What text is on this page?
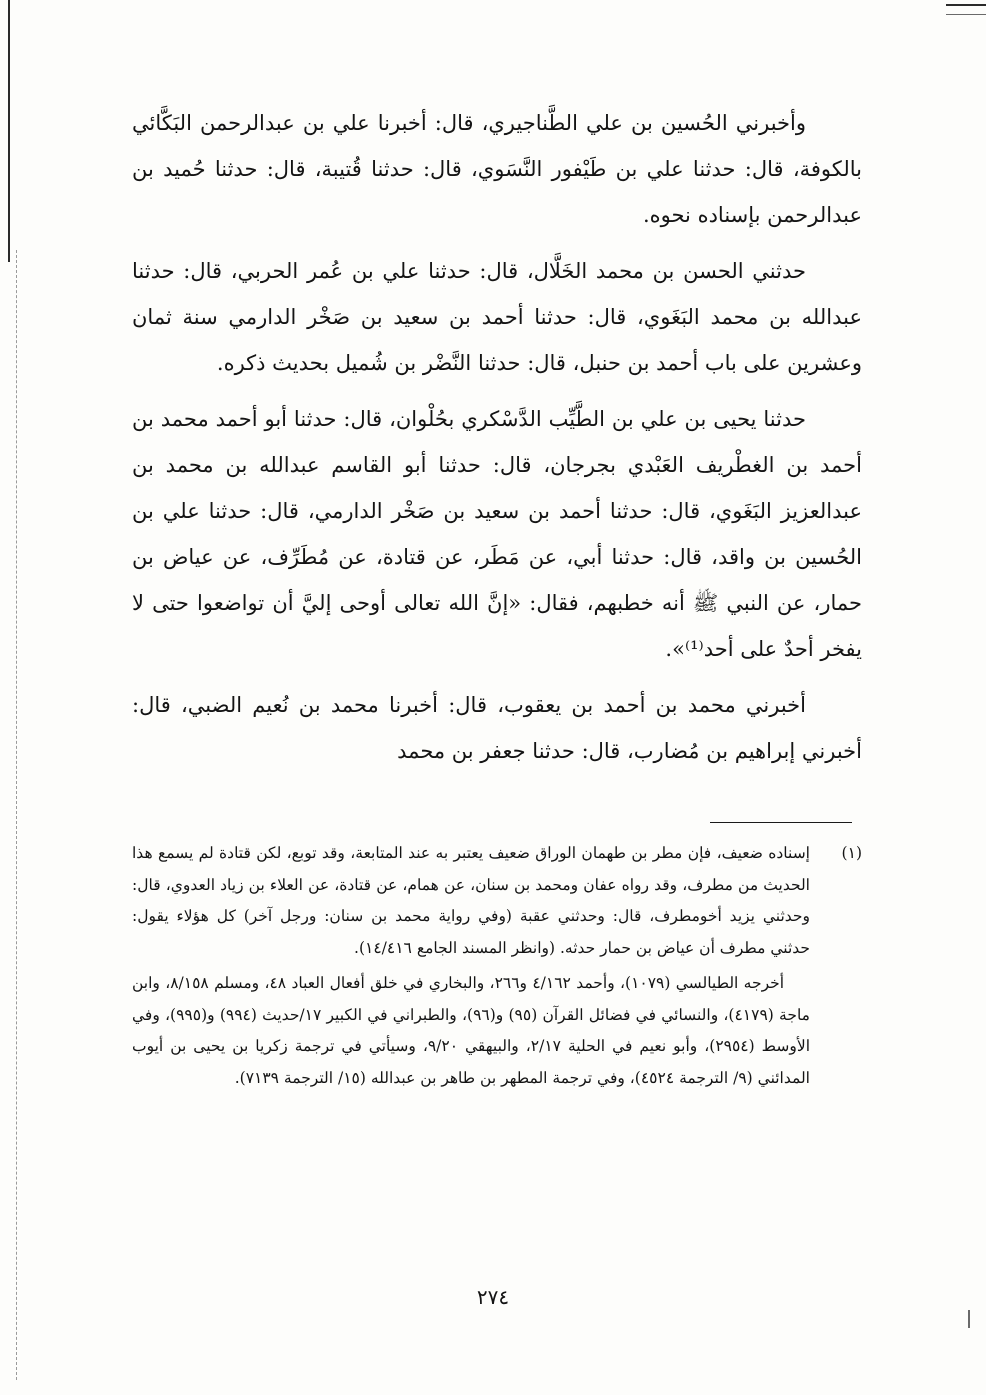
وأخبرني الحُسين بن علي الطَّناجيري، قال: أخبرنا علي بن عبدالرحمن البَكَّائي بالكوفة، قال: حدثنا علي بن طَيْفور النَّسَوي، قال: حدثنا قُتيبة، قال: حدثنا حُميد بن عبدالرحمن بإسناده نحوه.

حدثني الحسن بن محمد الخَلَّال، قال: حدثنا علي بن عُمر الحربي، قال: حدثنا عبدالله بن محمد البَغَوي، قال: حدثنا أحمد بن سعيد بن صَخْر الدارمي سنة ثمان وعشرين على باب أحمد بن حنبل، قال: حدثنا النَّضْر بن شُميل بحديث ذكره.

حدثنا يحيى بن علي بن الطَّيِّب الدَّسْكري بحُلْوان، قال: حدثنا أبو أحمد محمد بن أحمد بن الغطْريف العَبْدي بجرجان، قال: حدثنا أبو القاسم عبدالله بن محمد بن عبدالعزيز البَغَوي، قال: حدثنا أحمد بن سعيد بن صَخْر الدارمي، قال: حدثنا علي بن الحُسين بن واقد، قال: حدثنا أبي، عن مَطَر، عن قتادة، عن مُطَرِّف، عن عياض بن حمار، عن النبي ﷺ أنه خطبهم، فقال: «إنَّ الله تعالى أوحى إليَّ أن تواضعوا حتى لا يفخر أحدٌ على أحد⁽¹⁾».

أخبرني محمد بن أحمد بن يعقوب، قال: أخبرنا محمد بن نُعيم الضبي، قال: أخبرني إبراهيم بن مُضارب، قال: حدثنا جعفر بن محمد

(١)

إسناده ضعيف، فإن مطر بن طهمان الوراق ضعيف يعتبر به عند المتابعة، وقد توبع، لكن قتادة لم يسمع هذا الحديث من مطرف، وقد رواه عفان ومحمد بن سنان، عن همام، عن قتادة، عن العلاء بن زياد العدوي، قال: وحدثني يزيد أخومطرف، قال: وحدثني عقبة (وفي رواية محمد بن سنان: ورجل آخر) كل هؤلاء يقول: حدثني مطرف أن عياض بن حمار حدثه. (وانظر المسند الجامع ١٤/٤١٦).

أخرجه الطيالسي (١٠٧٩)، وأحمد ٤/١٦٢ و٢٦٦، والبخاري في خلق أفعال العباد ٤٨، ومسلم ٨/١٥٨، وابن ماجة (٤١٧٩)، والنسائي في فضائل القرآن (٩٥) و(٩٦)، والطبراني في الكبير ١٧/حديث (٩٩٤) و(٩٩٥)، وفي الأوسط (٢٩٥٤)، وأبو نعيم في الحلية ٢/١٧، والبيهقي ٩/٢٠، وسيأتي في ترجمة زكريا بن يحيى بن أيوب المدائني (٩/ الترجمة ٤٥٢٤)، وفي ترجمة المطهر بن طاهر بن عبدالله (١٥/ الترجمة ٧١٣٩).

٢٧٤
